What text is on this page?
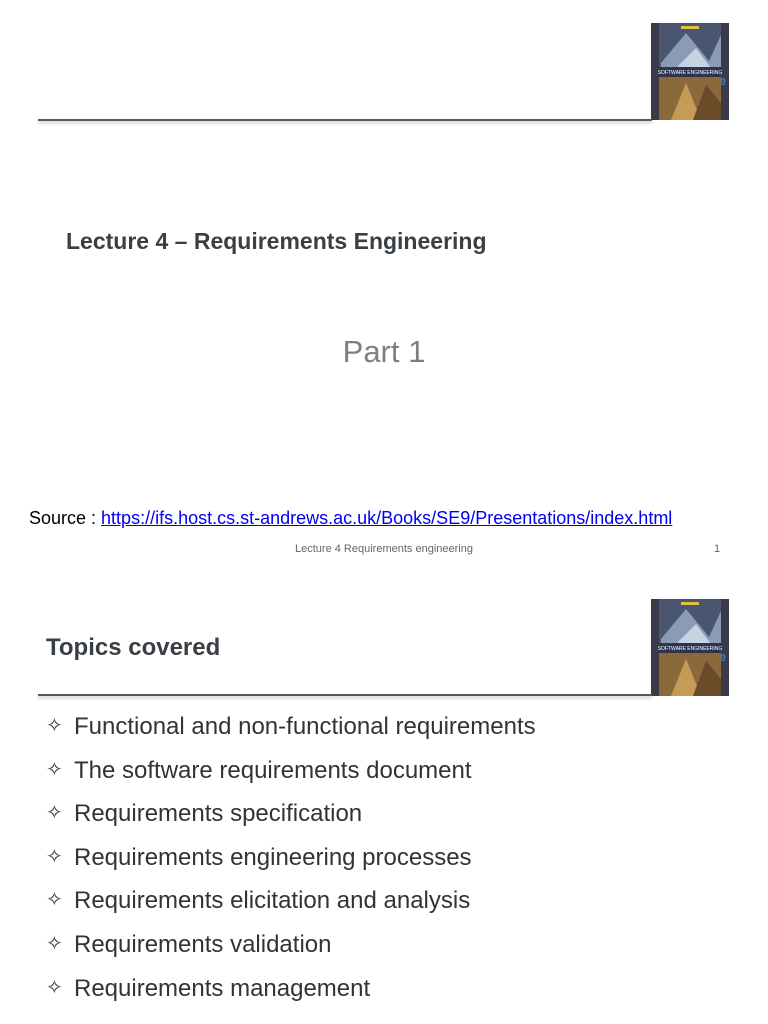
SOFTWARE ENGINEERING
9
Lecture 4 – Requirements Engineering
Part 1
Source : https://ifs.host.cs.st-andrews.ac.uk/Books/SE9/Presentations/index.html
Lecture 4 Requirements engineering	1
SOFTWARE ENGINEERING
9
Topics covered
✧ Functional and non-functional requirements
✧ The software requirements document
✧ Requirements specification
✧ Requirements engineering processes
✧ Requirements elicitation and analysis
✧ Requirements validation
✧ Requirements management
